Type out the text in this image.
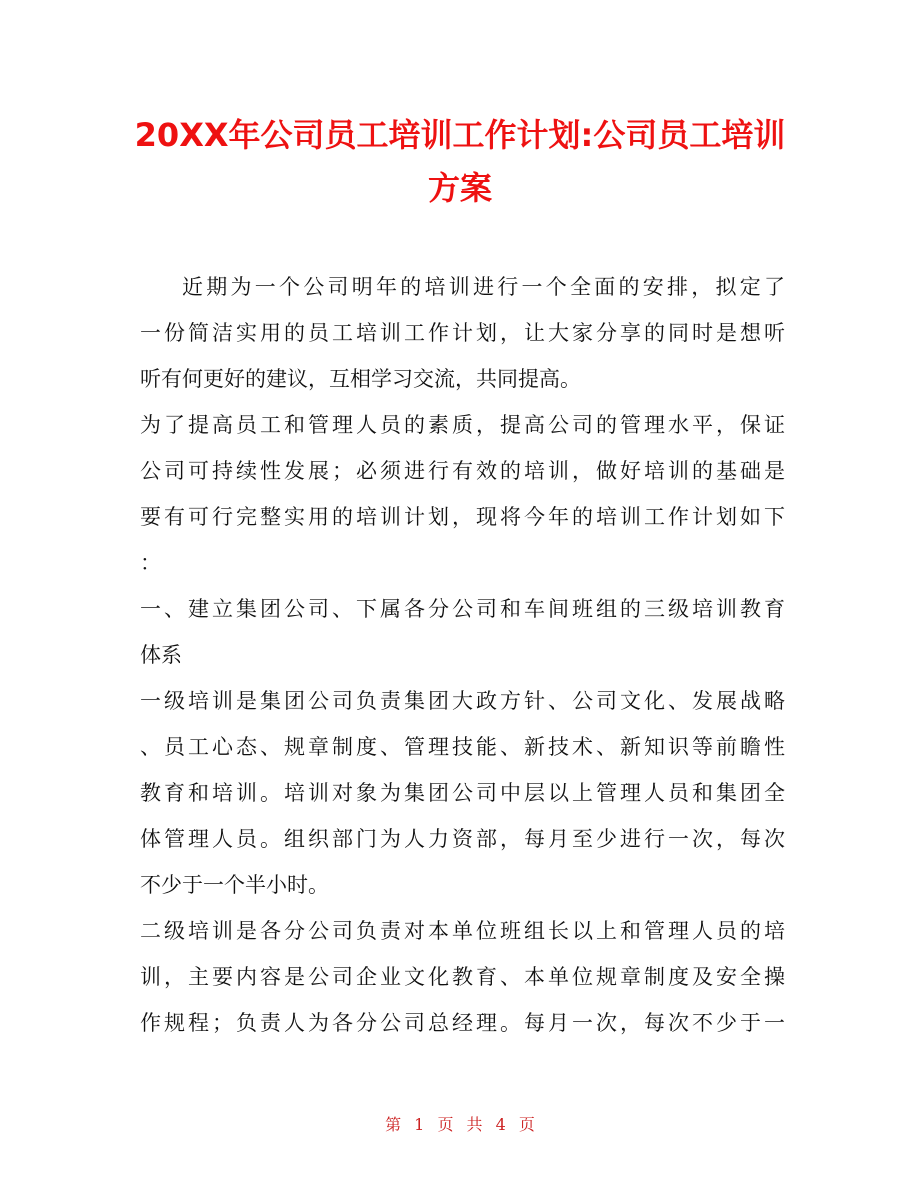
20XX年公司员工培训工作计划:公司员工培训
方案

近期为一个公司明年的培训进行一个全面的安排，拟定了

一份简洁实用的员工培训工作计划，让大家分享的同时是想听

听有何更好的建议，互相学习交流，共同提高。

为了提高员工和管理人员的素质，提高公司的管理水平，保证

公司可持续性发展；必须进行有效的培训，做好培训的基础是

要有可行完整实用的培训计划，现将今年的培训工作计划如下

：

一、建立集团公司、下属各分公司和车间班组的三级培训教育

体系

一级培训是集团公司负责集团大政方针、公司文化、发展战略

、员工心态、规章制度、管理技能、新技术、新知识等前瞻性

教育和培训。培训对象为集团公司中层以上管理人员和集团全

体管理人员。组织部门为人力资部，每月至少进行一次，每次

不少于一个半小时。

二级培训是各分公司负责对本单位班组长以上和管理人员的培

训，主要内容是公司企业文化教育、本单位规章制度及安全操

作规程；负责人为各分公司总经理。每月一次，每次不少于一

第 1 页 共 4 页
